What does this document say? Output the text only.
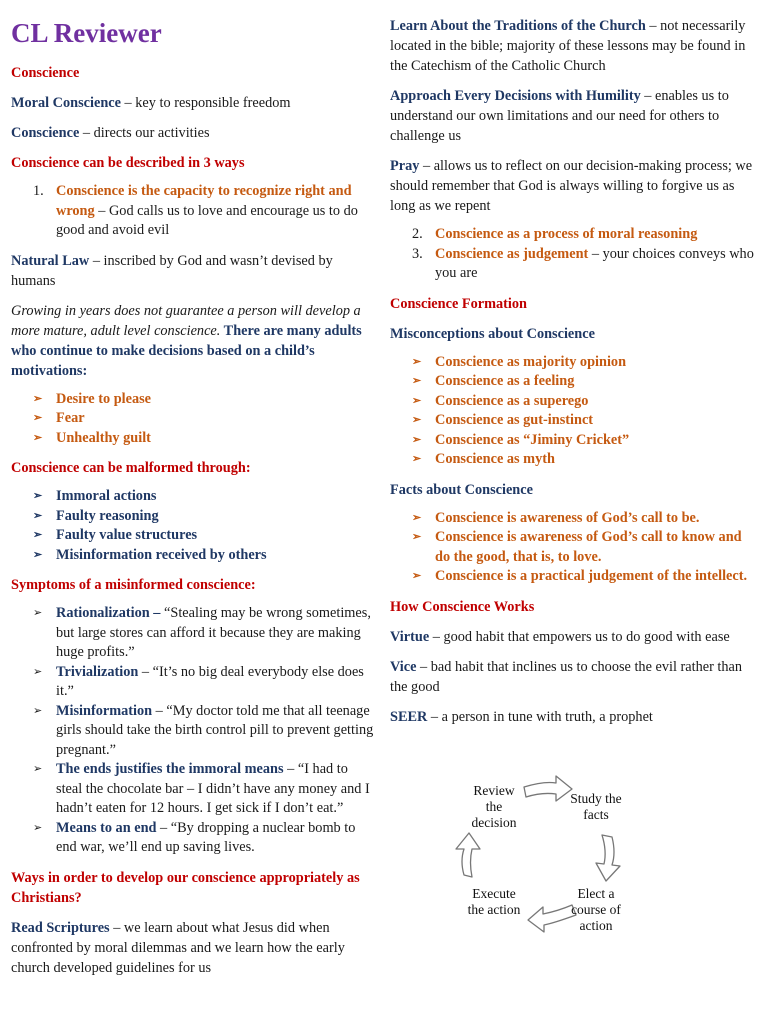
CL Reviewer

Conscience

Moral Conscience – key to responsible freedom

Conscience – directs our activities

Conscience can be described in 3 ways

1. Conscience is the capacity to recognize right and wrong – God calls us to love and encourage us to do good and avoid evil

Natural Law – inscribed by God and wasn’t devised by humans

Growing in years does not guarantee a person will develop a more mature, adult level conscience. There are many adults who continue to make decisions based on a child’s motivations:

➢ Desire to please
➢ Fear
➢ Unhealthy guilt

Conscience can be malformed through:

➢ Immoral actions
➢ Faulty reasoning
➢ Faulty value structures
➢ Misinformation received by others

Symptoms of a misinformed conscience:

➢ Rationalization – “Stealing may be wrong sometimes, but large stores can afford it because they are making huge profits.”
➢ Trivialization – “It’s no big deal everybody else does it.”
➢ Misinformation – “My doctor told me that all teenage girls should take the birth control pill to prevent getting pregnant.”
➢ The ends justifies the immoral means – “I had to steal the chocolate bar – I didn’t have any money and I hadn’t eaten for 12 hours. I get sick if I don’t eat.”
➢ Means to an end – “By dropping a nuclear bomb to end war, we’ll end up saving lives.

Ways in order to develop our conscience appropriately as Christians?

Read Scriptures – we learn about what Jesus did when confronted by moral dilemmas and we learn how the early church developed guidelines for us

Learn About the Traditions of the Church – not necessarily located in the bible; majority of these lessons may be found in the Catechism of the Catholic Church

Approach Every Decisions with Humility – enables us to understand our own limitations and our need for others to challenge us

Pray – allows us to reflect on our decision-making process; we should remember that God is always willing to forgive us as long as we repent

2. Conscience as a process of moral reasoning
3. Conscience as judgement – your choices conveys who you are

Conscience Formation

Misconceptions about Conscience

➢ Conscience as majority opinion
➢ Conscience as a feeling
➢ Conscience as a superego
➢ Conscience as gut-instinct
➢ Conscience as “Jiminy Cricket”
➢ Conscience as myth

Facts about Conscience

➢ Conscience is awareness of God’s call to be.
➢ Conscience is awareness of God’s call to know and do the good, that is, to love.
➢ Conscience is a practical judgement of the intellect.

How Conscience Works

Virtue – good habit that empowers us to do good with ease

Vice – bad habit that inclines us to choose the evil rather than the good

SEER – a person in tune with truth, a prophet

Review the decision
Study the facts
Elect a course of action
Execute the action
